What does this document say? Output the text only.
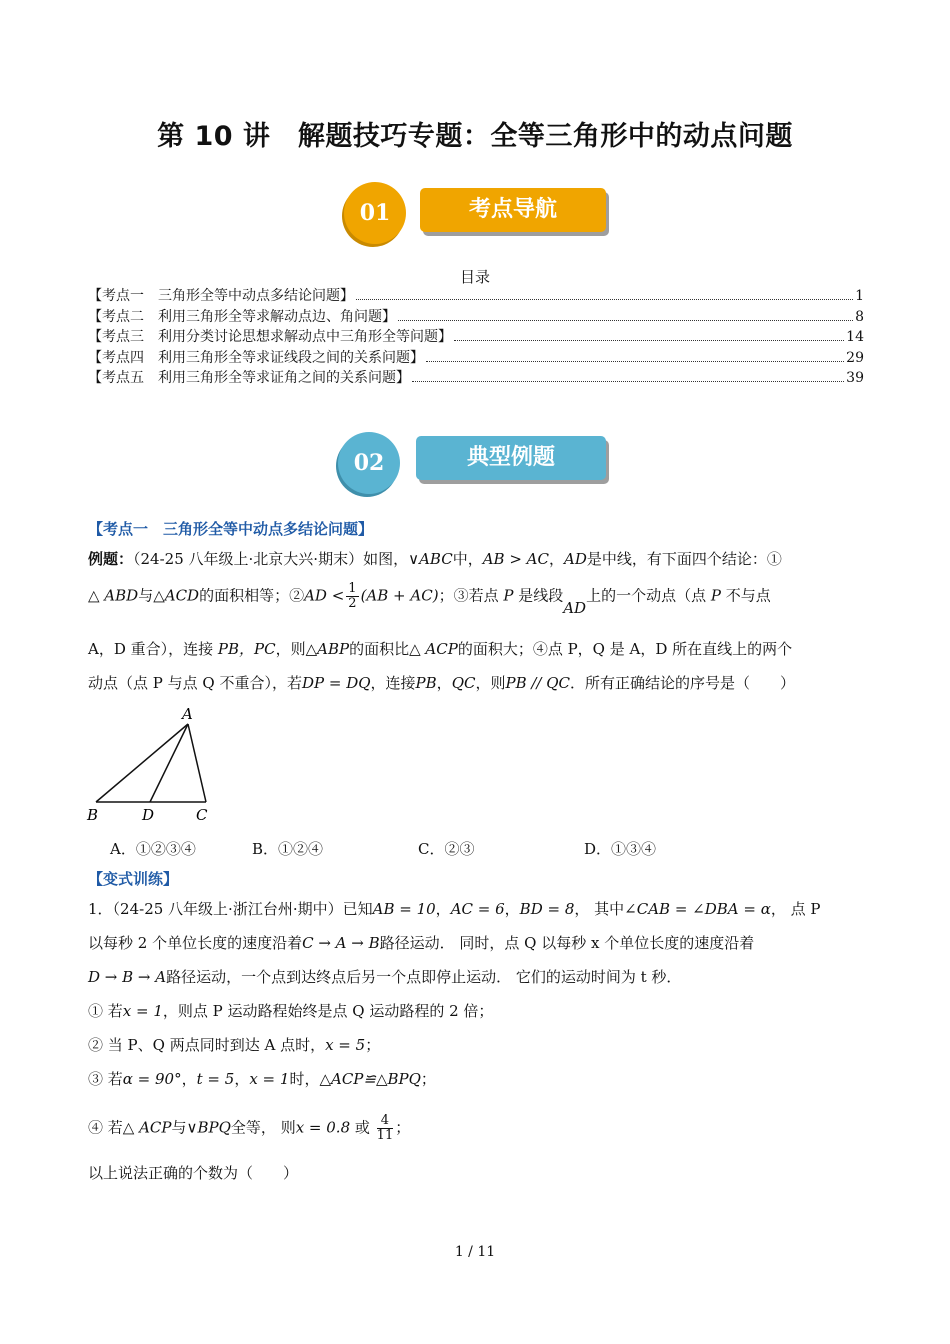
第 10 讲　解题技巧专题：全等三角形中的动点问题
考点导航
01
目录
【考点一　三角形全等中动点多结论问题】	1
【考点二　利用三角形全等求解动点边、角问题】	8
【考点三　利用分类讨论思想求解动点中三角形全等问题】	14
【考点四　利用三角形全等求证线段之间的关系问题】	29
【考点五　利用三角形全等求证角之间的关系问题】	39
典型例题
02
【考点一　三角形全等中动点多结论问题】
例题：（24-25 八年级上·北京大兴·期末）如图，∨ABC中，AB > AC，AD是中线，有下面四个结论：①
△ ABD与△ACD的面积相等；②AD < $\frac{1}{2} (AB + AC)$；③若点 P 是线段AD上的一个动点（点 P 不与点
A，D 重合），连接 PB，PC，则△ABP的面积比△ ACP的面积大；④点 P，Q 是 A，D 所在直线上的两个
动点（点 P 与点 Q 不重合），若DP = DQ，连接PB，QC，则PB // QC．所有正确结论的序号是（　　）
A
B	D	C
A．①②③④	B．①②④	C．②③	D．①③④
【变式训练】
1．（24-25 八年级上·浙江台州·期中）已知AB = 10，AC = 6，BD = 8， 其中∠CAB = ∠DBA = α， 点 P
以每秒 2 个单位长度的速度沿着C → A → B路径运动． 同时，点 Q 以每秒 x 个单位长度的速度沿着
D → B → A路径运动，一个点到达终点后另一个点即停止运动． 它们的运动时间为 t 秒．
① 若x = 1，则点 P 运动路程始终是点 Q 运动路程的 2 倍；
② 当 P、Q 两点同时到达 A 点时，x = 5；
③ 若α = 90°，t = 5，x = 1时，△ACP≌△BPQ；
④ 若△ ACP与∨BPQ全等， 则x = 0.8 或 $\frac{4}{11}$ ；
以上说法正确的个数为（　　）
1 / 11
